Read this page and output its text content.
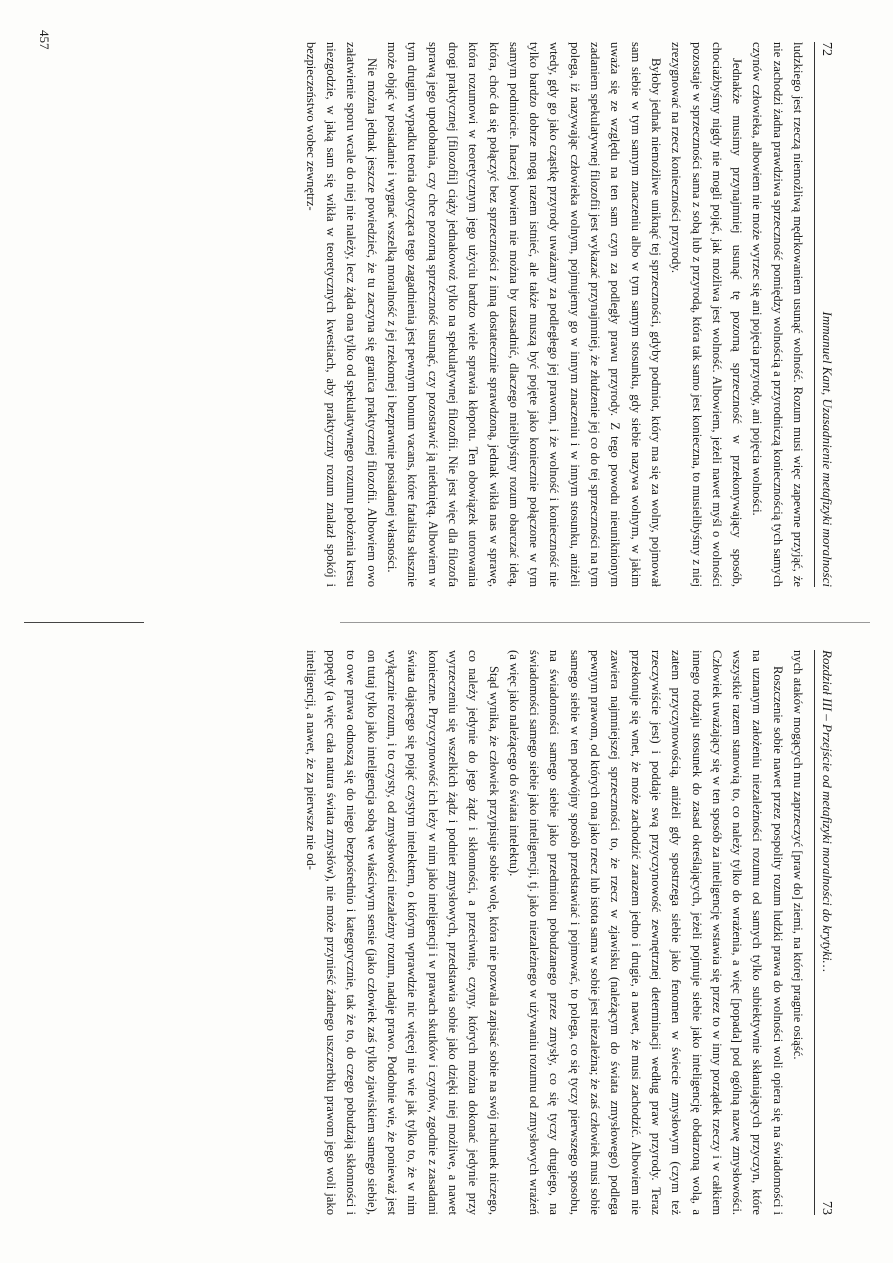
457	72
Immanuel Kant, Uzasadnienie metafizyki moralności

ludzkiego jest rzeczą niemożliwą mędrkowaniem usunąć wolność. Rozum musi więc zapewne przyjąć, że nie zachodzi żadna prawdziwa sprzeczność pomiędzy wolnością a przyrodniczą koniecznością tych samych czynów człowieka, albowiem nie może wyrzec się ani pojęcia przyrody, ani pojęcia wolności.

Jednakże musimy przynajmniej usunąć tę pozorną sprzeczność w przekonywający sposób, chociażbyśmy nigdy nie mogli pojąć, jak możliwa jest wolność. Albowiem, jeżeli nawet myśl o wolności pozostaje w sprzeczności sama z sobą lub z przyrodą, która tak samo jest konieczna, to musielibyśmy z niej zrezygnować na rzecz konieczności przyrody.

Byłoby jednak niemożliwe uniknąć tej sprzeczności, gdyby podmiot, który ma się za wolny, pojmował sam siebie w tym samym znaczeniu albo w tym samym stosunku, gdy siebie nazywa wolnym, w jakim uważa się ze względu na ten sam czyn za podległy prawu przyrody. Z tego powodu nieuniknionym zadaniem spekulatywnej filozofii jest wykazać przynajmniej, że złudzenie jej co do tej sprzeczności na tym polega, iż nazywając człowieka wolnym, pojmujemy go w innym znaczeniu i w innym stosunku, aniżeli wtedy, gdy go jako cząstkę przyrody uważamy za podległego jej prawom, i że wolność i konieczność nie tylko bardzo dobrze mogą razem istnieć, ale także muszą być pojęte jako koniecznie połączone w tym samym podmiocie. Inaczej bowiem nie można by uzasadnić, dlaczego mielibyśmy rozum obarczać ideą, która, choć da się połączyć bez sprzeczności z inną dostatecznie sprawdzoną, jednak wikła nas w sprawę, która rozumowi w teoretycznym jego użyciu bardzo wiele sprawia kłopotu. Ten obowiązek utorowania drogi praktycznej [filozofii] ciąży jednakowoż tylko na spekulatywnej filozofii. Nie jest więc dla filozofa sprawą jego upodobania, czy chce pozorną sprzeczność usunąć, czy pozostawić ją nietkniętą. Albowiem w tym drugim wypadku teoria dotycząca tego zagadnienia jest pewnym bonum vacans, które fatalista słusznie może objąć w posiadanie i wygnać wszelką moralność z jej rzekomej i bezprawnie posiadanej własności.

Nie można jednak jeszcze powiedzieć, że tu zaczyna się granica praktycznej filozofii. Albowiem owo załatwienie sporu wcale do niej nie należy, lecz żąda ona tylko od spekulatywnego rozumu położenia kresu niezgodzie, w jaką sam się wikła w teoretycznych kwestiach, aby praktyczny rozum znalazł spokój i bezpieczeństwo wobec zewnętrz-

Rozdział III – Przejście od metafizyki moralności do krytyki…
73

nych ataków mogących mu zaprzeczyć [praw do] ziemi, na której pragnie osiąść.

Roszczenie sobie nawet przez pospolity rozum ludzki prawa do wolności woli opiera się na świadomości i na uznanym założeniu niezależności rozumu od samych tylko subiektywnie skłaniających przyczyn, które wszystkie razem stanowią to, co należy tylko do wrażenia, a więc [popada] pod ogólną nazwę zmysłowości. Człowiek uważający się w ten sposób za inteligencję wstawia się przez to w inny porządek rzeczy i w całkiem innego rodzaju stosunek do zasad określających, jeżeli pojmuje siebie jako inteligencję obdarzoną wolą, a zatem przyczynowością, aniżeli gdy spostrzega siebie jako fenomen w świecie zmysłowym (czym też rzeczywiście jest) i poddaje swą przyczynowość zewnętrznej determinacji według praw przyrody. Teraz przekonuje się wnet, że może zachodzić zarazem jedno i drugie, a nawet, że musi zachodzić. Albowiem nie zawiera najmniejszej sprzeczności to, że rzecz w zjawisku (należącym do świata zmysłowego) podlega pewnym prawom, od których ona jako rzecz lub istota sama w sobie jest niezależna; że zaś człowiek musi sobie samego siebie w ten podwójny sposób przedstawiać i pojmować, to polega, co się tyczy pierwszego sposobu, na świadomości samego siebie jako przedmiotu pobudzanego przez zmysły, co się tyczy drugiego, na świadomości samego siebie jako inteligencji, tj. jako niezależnego w używaniu rozumu od zmysłowych wrażeń (a więc jako należącego do świata intelektu).

Stąd wynika, że człowiek przypisuje sobie wolę, która nie pozwala zapisać sobie na swój rachunek niczego, co należy jedynie do jego żądz i skłonności, a przeciwnie, czyny, których można dokonać jedynie przy wyrzeczeniu się wszelkich żądz i podniet zmysłowych, przedstawia sobie jako dzięki niej możliwe, a nawet konieczne. Przyczynowość ich leży w nim jako inteligencji i w prawach skutków i czynów, zgodnie z zasadami świata dającego się pojąć czystym intelektem, o którym wprawdzie nic więcej nie wie jak tylko to, że w nim wyłącznie rozum, i to czysty, od zmysłowości niezależny rozum, nadaje prawo. Podobnie wie, że ponieważ jest on tutaj tylko jako inteligencja sobą we właściwym sensie (jako człowiek zaś tylko zjawiskiem samego siebie), to owe prawa odnoszą się do niego bezpośrednio i kategorycznie, tak że to, do czego pobudzają skłonności i popędy (a więc cała natura świata zmysłów), nie może przynieść żadnego uszczerbku prawom jego woli jako inteligencji, a nawet, że za pierwsze nie od-
